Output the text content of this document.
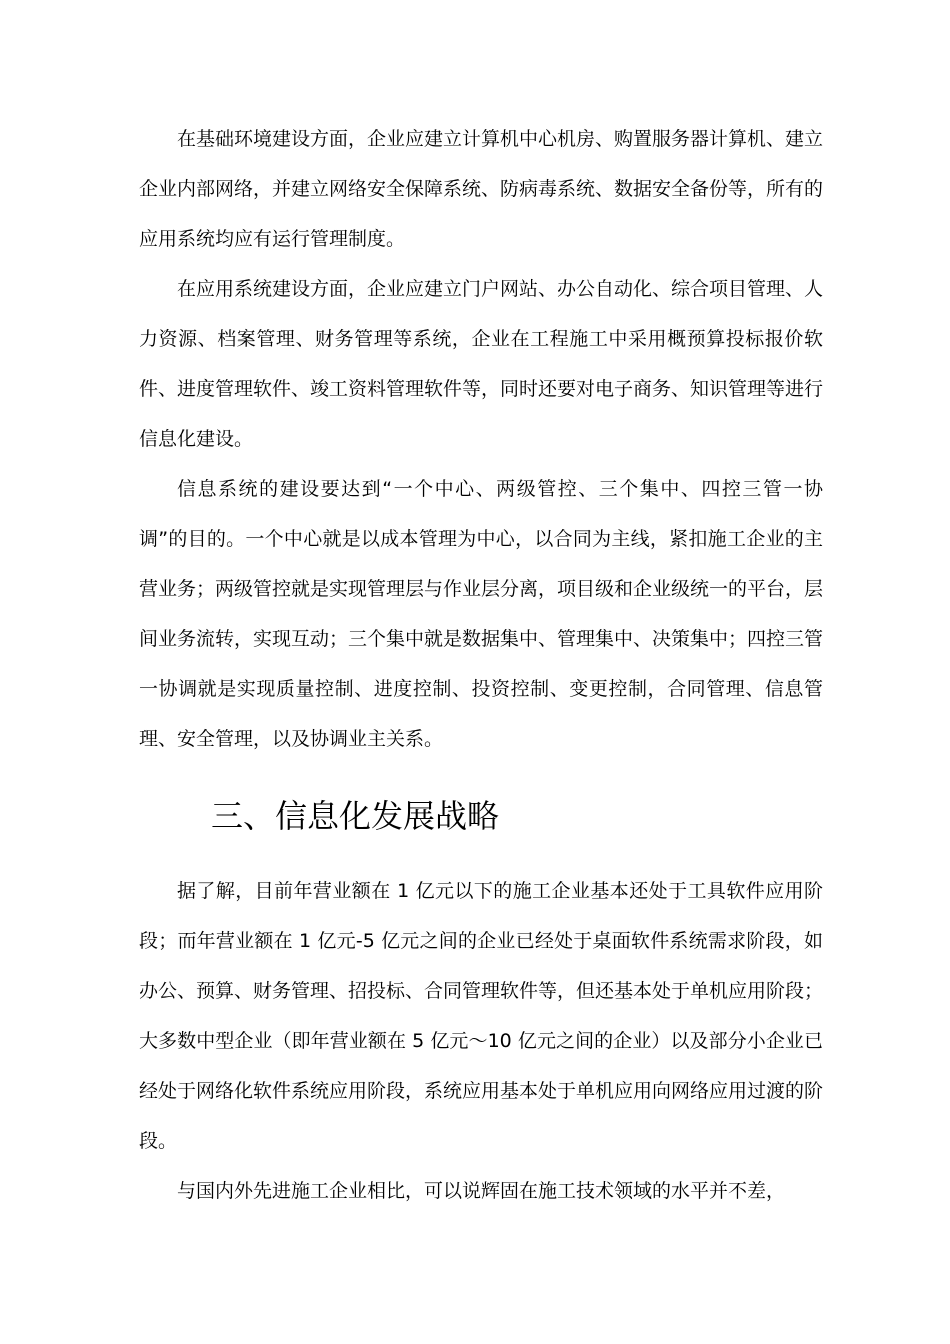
在基础环境建设方面，企业应建立计算机中心机房、购置服务器计算机、建立企业内部网络，并建立网络安全保障系统、防病毒系统、数据安全备份等，所有的应用系统均应有运行管理制度。

在应用系统建设方面，企业应建立门户网站、办公自动化、综合项目管理、人力资源、档案管理、财务管理等系统，企业在工程施工中采用概预算投标报价软件、进度管理软件、竣工资料管理软件等，同时还要对电子商务、知识管理等进行信息化建设。

信息系统的建设要达到“一个中心、两级管控、三个集中、四控三管一协调”的目的。一个中心就是以成本管理为中心，以合同为主线，紧扣施工企业的主营业务；两级管控就是实现管理层与作业层分离，项目级和企业级统一的平台，层间业务流转，实现互动；三个集中就是数据集中、管理集中、决策集中；四控三管一协调就是实现质量控制、进度控制、投资控制、变更控制，合同管理、信息管理、安全管理，以及协调业主关系。

三、信息化发展战略

据了解，目前年营业额在 1 亿元以下的施工企业基本还处于工具软件应用阶段；而年营业额在 1 亿元-5 亿元之间的企业已经处于桌面软件系统需求阶段，如办公、预算、财务管理、招投标、合同管理软件等，但还基本处于单机应用阶段；大多数中型企业（即年营业额在 5 亿元～10 亿元之间的企业）以及部分小企业已经处于网络化软件系统应用阶段，系统应用基本处于单机应用向网络应用过渡的阶段。

与国内外先进施工企业相比，可以说辉固在施工技术领域的水平并不差，
